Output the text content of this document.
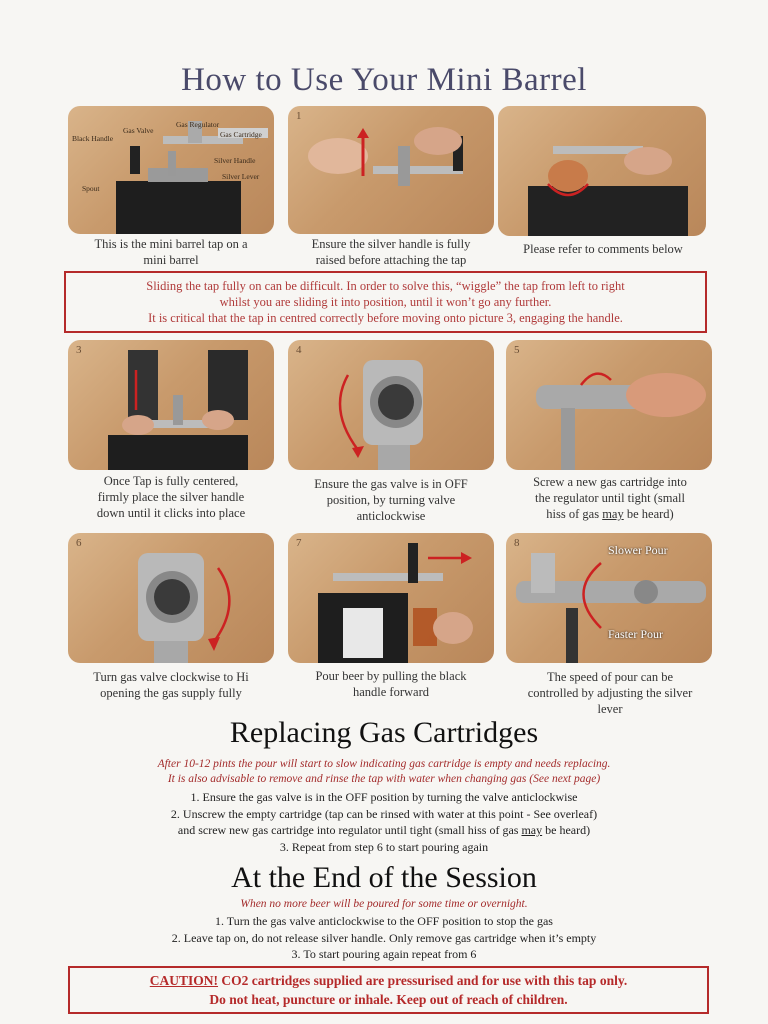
How to Use Your Mini Barrel
Black Handle
Gas Valve
Gas Regulator
Gas Cartridge
Silver Handle
Silver Lever
Spout
This is the mini barrel tap on a
mini barrel
1
Ensure the silver handle is fully
raised before attaching the tap
Please refer to comments below
Sliding the tap fully on can be difficult. In order to solve this, “wiggle” the tap from left to right
whilst you are sliding it into position, until it won’t go any further.
It is critical that the tap in centred correctly before moving onto picture 3, engaging the handle.
3
Once Tap is fully centered,
firmly place the silver handle
down until it clicks into place
4
Ensure the gas valve is in OFF
position, by turning valve
anticlockwise
5
Screw a new gas cartridge into
the regulator until tight (small
hiss of gas may be heard)
6
Turn gas valve clockwise to Hi
opening the gas supply fully
7
Pour beer by pulling the black
handle forward
8	Slower Pour
Faster Pour
The speed of pour can be
controlled by adjusting the silver
lever
Replacing Gas Cartridges
After 10-12 pints the pour will start to slow indicating gas cartridge is empty and needs replacing.
It is also advisable to remove and rinse the tap with water when changing gas (See next page)
1. Ensure the gas valve is in the OFF position by turning the valve anticlockwise
2. Unscrew the empty cartridge (tap can be rinsed with water at this point - See overleaf)
and screw new gas cartridge into regulator until tight (small hiss of gas may be heard)
3. Repeat from step 6 to start pouring again
At the End of the Session
When no more beer will be poured for some time or overnight.
1. Turn the gas valve anticlockwise to the OFF position to stop the gas
2. Leave tap on, do not release silver handle. Only remove gas cartridge when it’s empty
3. To start pouring again repeat from 6
CAUTION! CO2 cartridges supplied are pressurised and for use with this tap only.
Do not heat, puncture or inhale. Keep out of reach of children.
